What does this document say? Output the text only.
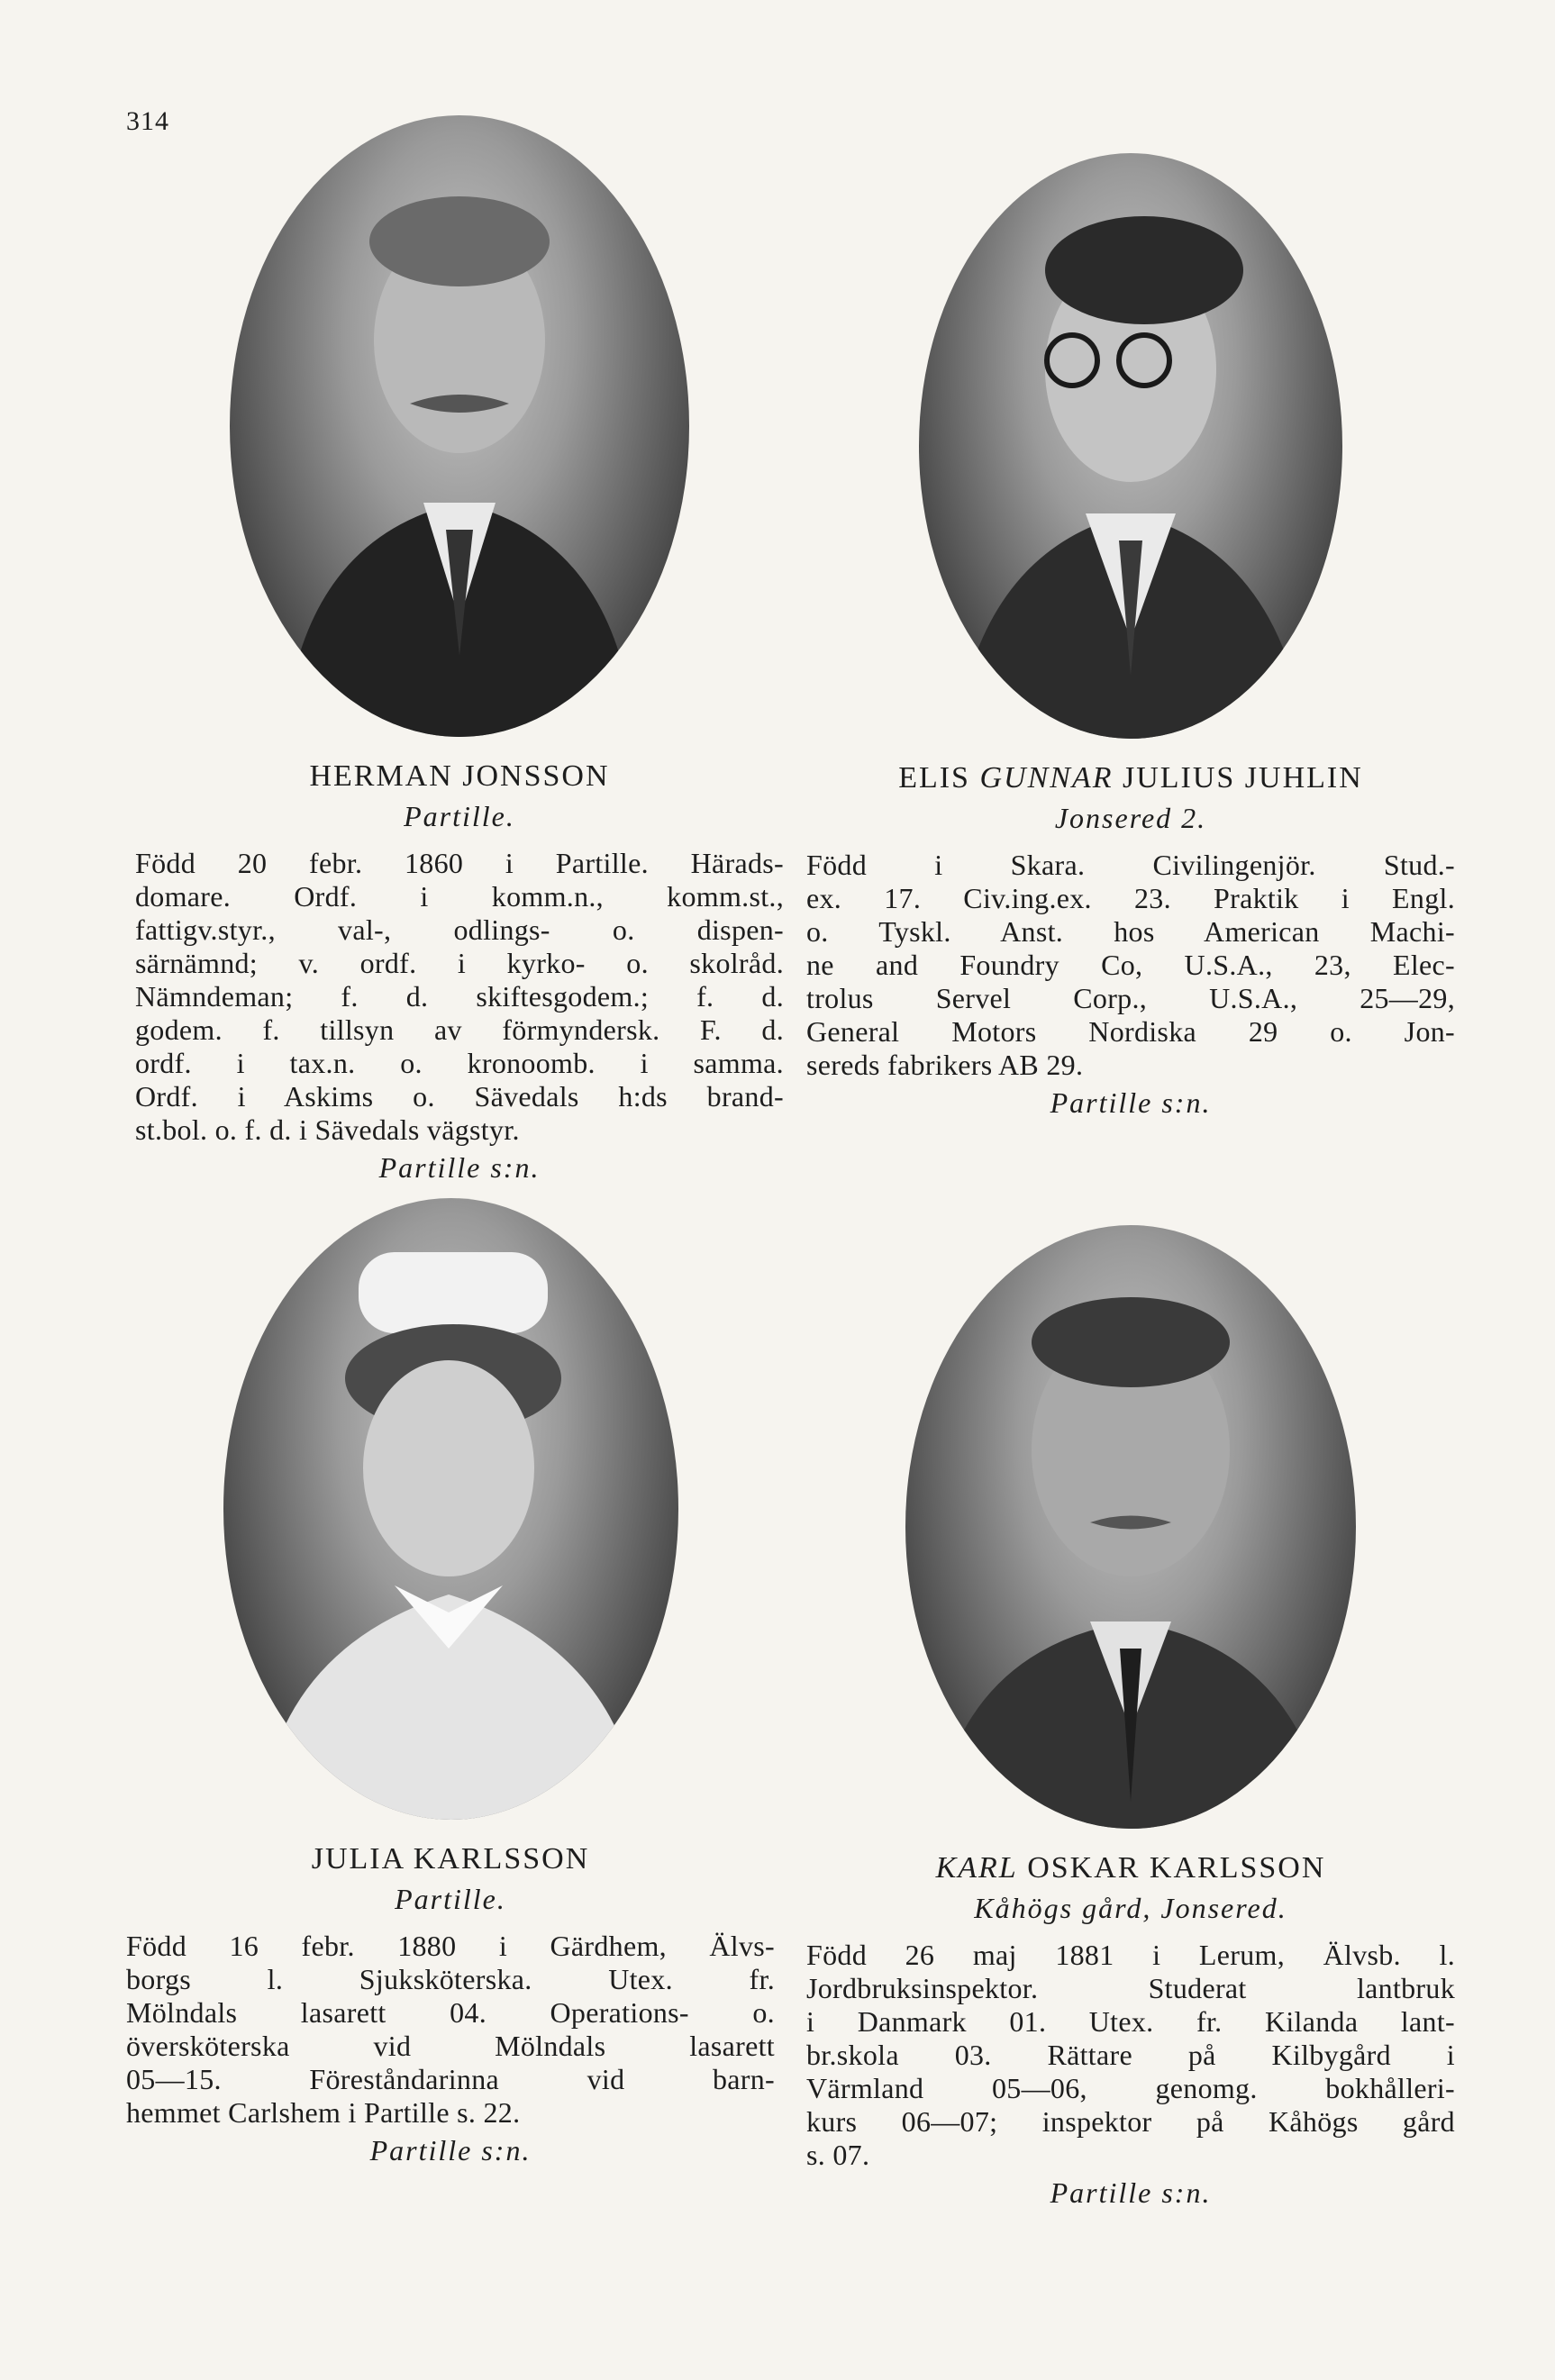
314
HERMAN JONSSON
Partille.
Född 20 febr. 1860 i Partille. Härads-
domare. Ordf. i komm.n., komm.st.,
fattigv.styr., val-, odlings- o. dispen-
särnämnd; v. ordf. i kyrko- o. skolråd.
Nämndeman; f. d. skiftesgodem.; f. d.
godem. f. tillsyn av förmyndersk. F. d.
ordf. i tax.n. o. kronoomb. i samma.
Ordf. i Askims o. Sävedals h:ds brand-
st.bol. o. f. d. i Sävedals vägstyr.
Partille s:n.
ELIS GUNNAR JULIUS JUHLIN
Jonsered 2.
Född i Skara. Civilingenjör. Stud.-
ex. 17. Civ.ing.ex. 23. Praktik i Engl.
o. Tyskl. Anst. hos American Machi-
ne and Foundry Co, U.S.A., 23, Elec-
trolus Servel Corp., U.S.A., 25—29,
General Motors Nordiska 29 o. Jon-
sereds fabrikers AB 29.
Partille s:n.
JULIA KARLSSON
Partille.
Född 16 febr. 1880 i Gärdhem, Älvs-
borgs l. Sjuksköterska. Utex. fr.
Mölndals lasarett 04. Operations- o.
översköterska vid Mölndals lasarett
05—15. Föreståndarinna vid barn-
hemmet Carlshem i Partille s. 22.
Partille s:n.
KARL OSKAR KARLSSON
Kåhögs gård, Jonsered.
Född 26 maj 1881 i Lerum, Älvsb. l.
Jordbruksinspektor. Studerat lantbruk
i Danmark 01. Utex. fr. Kilanda lant-
br.skola 03. Rättare på Kilbygård i
Värmland 05—06, genomg. bokhålleri-
kurs 06—07; inspektor på Kåhögs gård
s. 07.
Partille s:n.
